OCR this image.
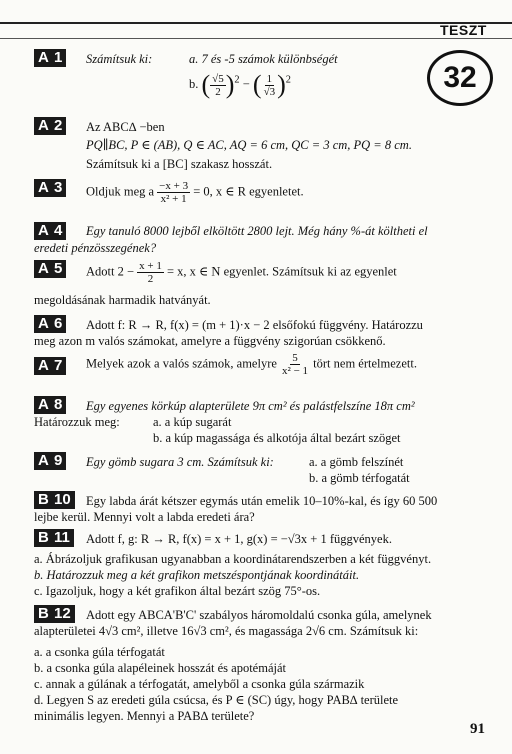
TESZT
32
A 1	Számítsuk ki:	a. 7 és -5 számok különbségét
b. ( $\frac{√5}{2} )^2$ − ( $\frac{1}{√3} )^2$
A 2	Az ABC∆ −ben
PQ∥BC, P ∈ (AB), Q ∈ AC, AQ = 6 cm, QC = 3 cm, PQ = 8 cm.
Számítsuk ki a [BC] szakasz hosszát.
A 3	Oldjuk meg a $\frac{-x + 3}{\text{x² + 1}} = 0$, x ∈ R egyenletet.
A 4	Egy tanuló 8000 lejből elköltött 2800 lejt. Még hány %-át költheti el
eredeti pénzösszegének?
A 5	Adott $2 - \frac{x + 1}{2} = x$, x ∈ N egyenlet. Számítsuk ki az egyenlet
megoldásának harmadik hatványát.
A 6	Adott f: R → R, f(x) = (m + 1)·x − 2 elsőfokú függvény. Határozzu
meg azon m valós számokat, amelyre a függvény szigorúan csökkenő.
A 7	Melyek azok a valós számok, amelyre $\frac{5}{\text{x² − 1}}$ tört nem értelmezett.
A 8	Egy egyenes körkúp alapterülete 9π cm² és palástfelszíne 18π cm²
Határozzuk meg:	a. a kúp sugarát
b. a kúp magassága és alkotója által bezárt szöget
A 9	Egy gömb sugara 3 cm. Számítsuk ki:	a. a gömb felszínét
b. a gömb térfogatát
B 10	Egy labda árát kétszer egymás után emelik 10–10%-kal, és így 60 500
lejbe kerül. Mennyi volt a labda eredeti ára?
B 11	Adott f, g: R → R, f(x) = x + 1, g(x) = −√3x + 1 függvények.
a. Ábrázoljuk grafikusan ugyanabban a koordinátarendszerben a két függvényt.
b. Határozzuk meg a két grafikon metszéspontjának koordinátáit.
c. Igazoljuk, hogy a két grafikon által bezárt szög 75°-os.
B 12	Adott egy ABCA'B'C' szabályos háromoldalú csonka gúla, amelynek
alapterületei 4√3 cm², illetve 16√3 cm², és magassága 2√6 cm. Számítsuk ki:
a. a csonka gúla térfogatát
b. a csonka gúla alapéleinek hosszát és apotémáját
c. annak a gúlának a térfogatát, amelyből a csonka gúla származik
d. Legyen S az eredeti gúla csúcsa, és P ∈ (SC) úgy, hogy PAB∆ területe
minimális legyen. Mennyi a PAB∆ területe?
91
